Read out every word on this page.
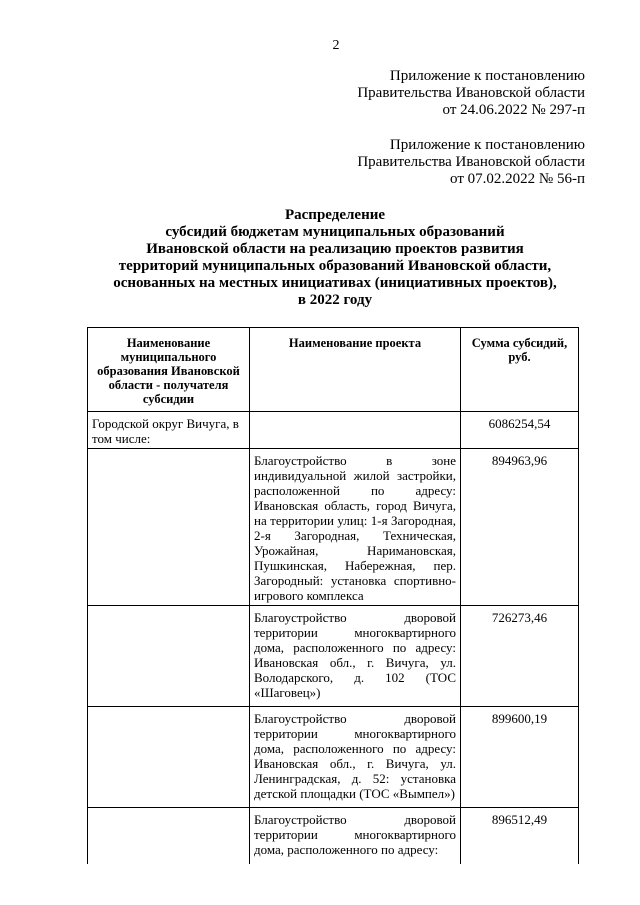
2
Приложение к постановлению
Правительства Ивановской области
от 24.06.2022 № 297-п
Приложение к постановлению
Правительства Ивановской области
от 07.02.2022 № 56-п
Распределение
субсидий бюджетам муниципальных образований
Ивановской области на реализацию проектов развития
территорий муниципальных образований Ивановской области,
основанных на местных инициативах (инициативных проектов),
в 2022 году
Наименование муниципального образования Ивановской области - получателя субсидии	Наименование проекта	Сумма субсидий, руб.
Городской округ Вичуга, в том числе:		6086254,54
	Благоустройство в зоне индивидуальной жилой застройки, расположенной по адресу: Ивановская область, город Вичуга, на территории улиц: 1-я Загородная, 2-я Загородная, Техническая, Урожайная, Наримановская, Пушкинская, Набережная, пер. Загородный: установка спортивно-игрового комплекса	894963,96
	Благоустройство дворовой территории многоквартирного дома, расположенного по адресу: Ивановская обл., г. Вичуга, ул. Володарского, д. 102 (ТОС «Шаговец»)	726273,46
	Благоустройство дворовой территории многоквартирного дома, расположенного по адресу: Ивановская обл., г. Вичуга, ул. Ленинградская, д. 52: установка детской площадки (ТОС «Вымпел»)	899600,19
	Благоустройство дворовой территории многоквартирного дома, расположенного по адресу:	896512,49
